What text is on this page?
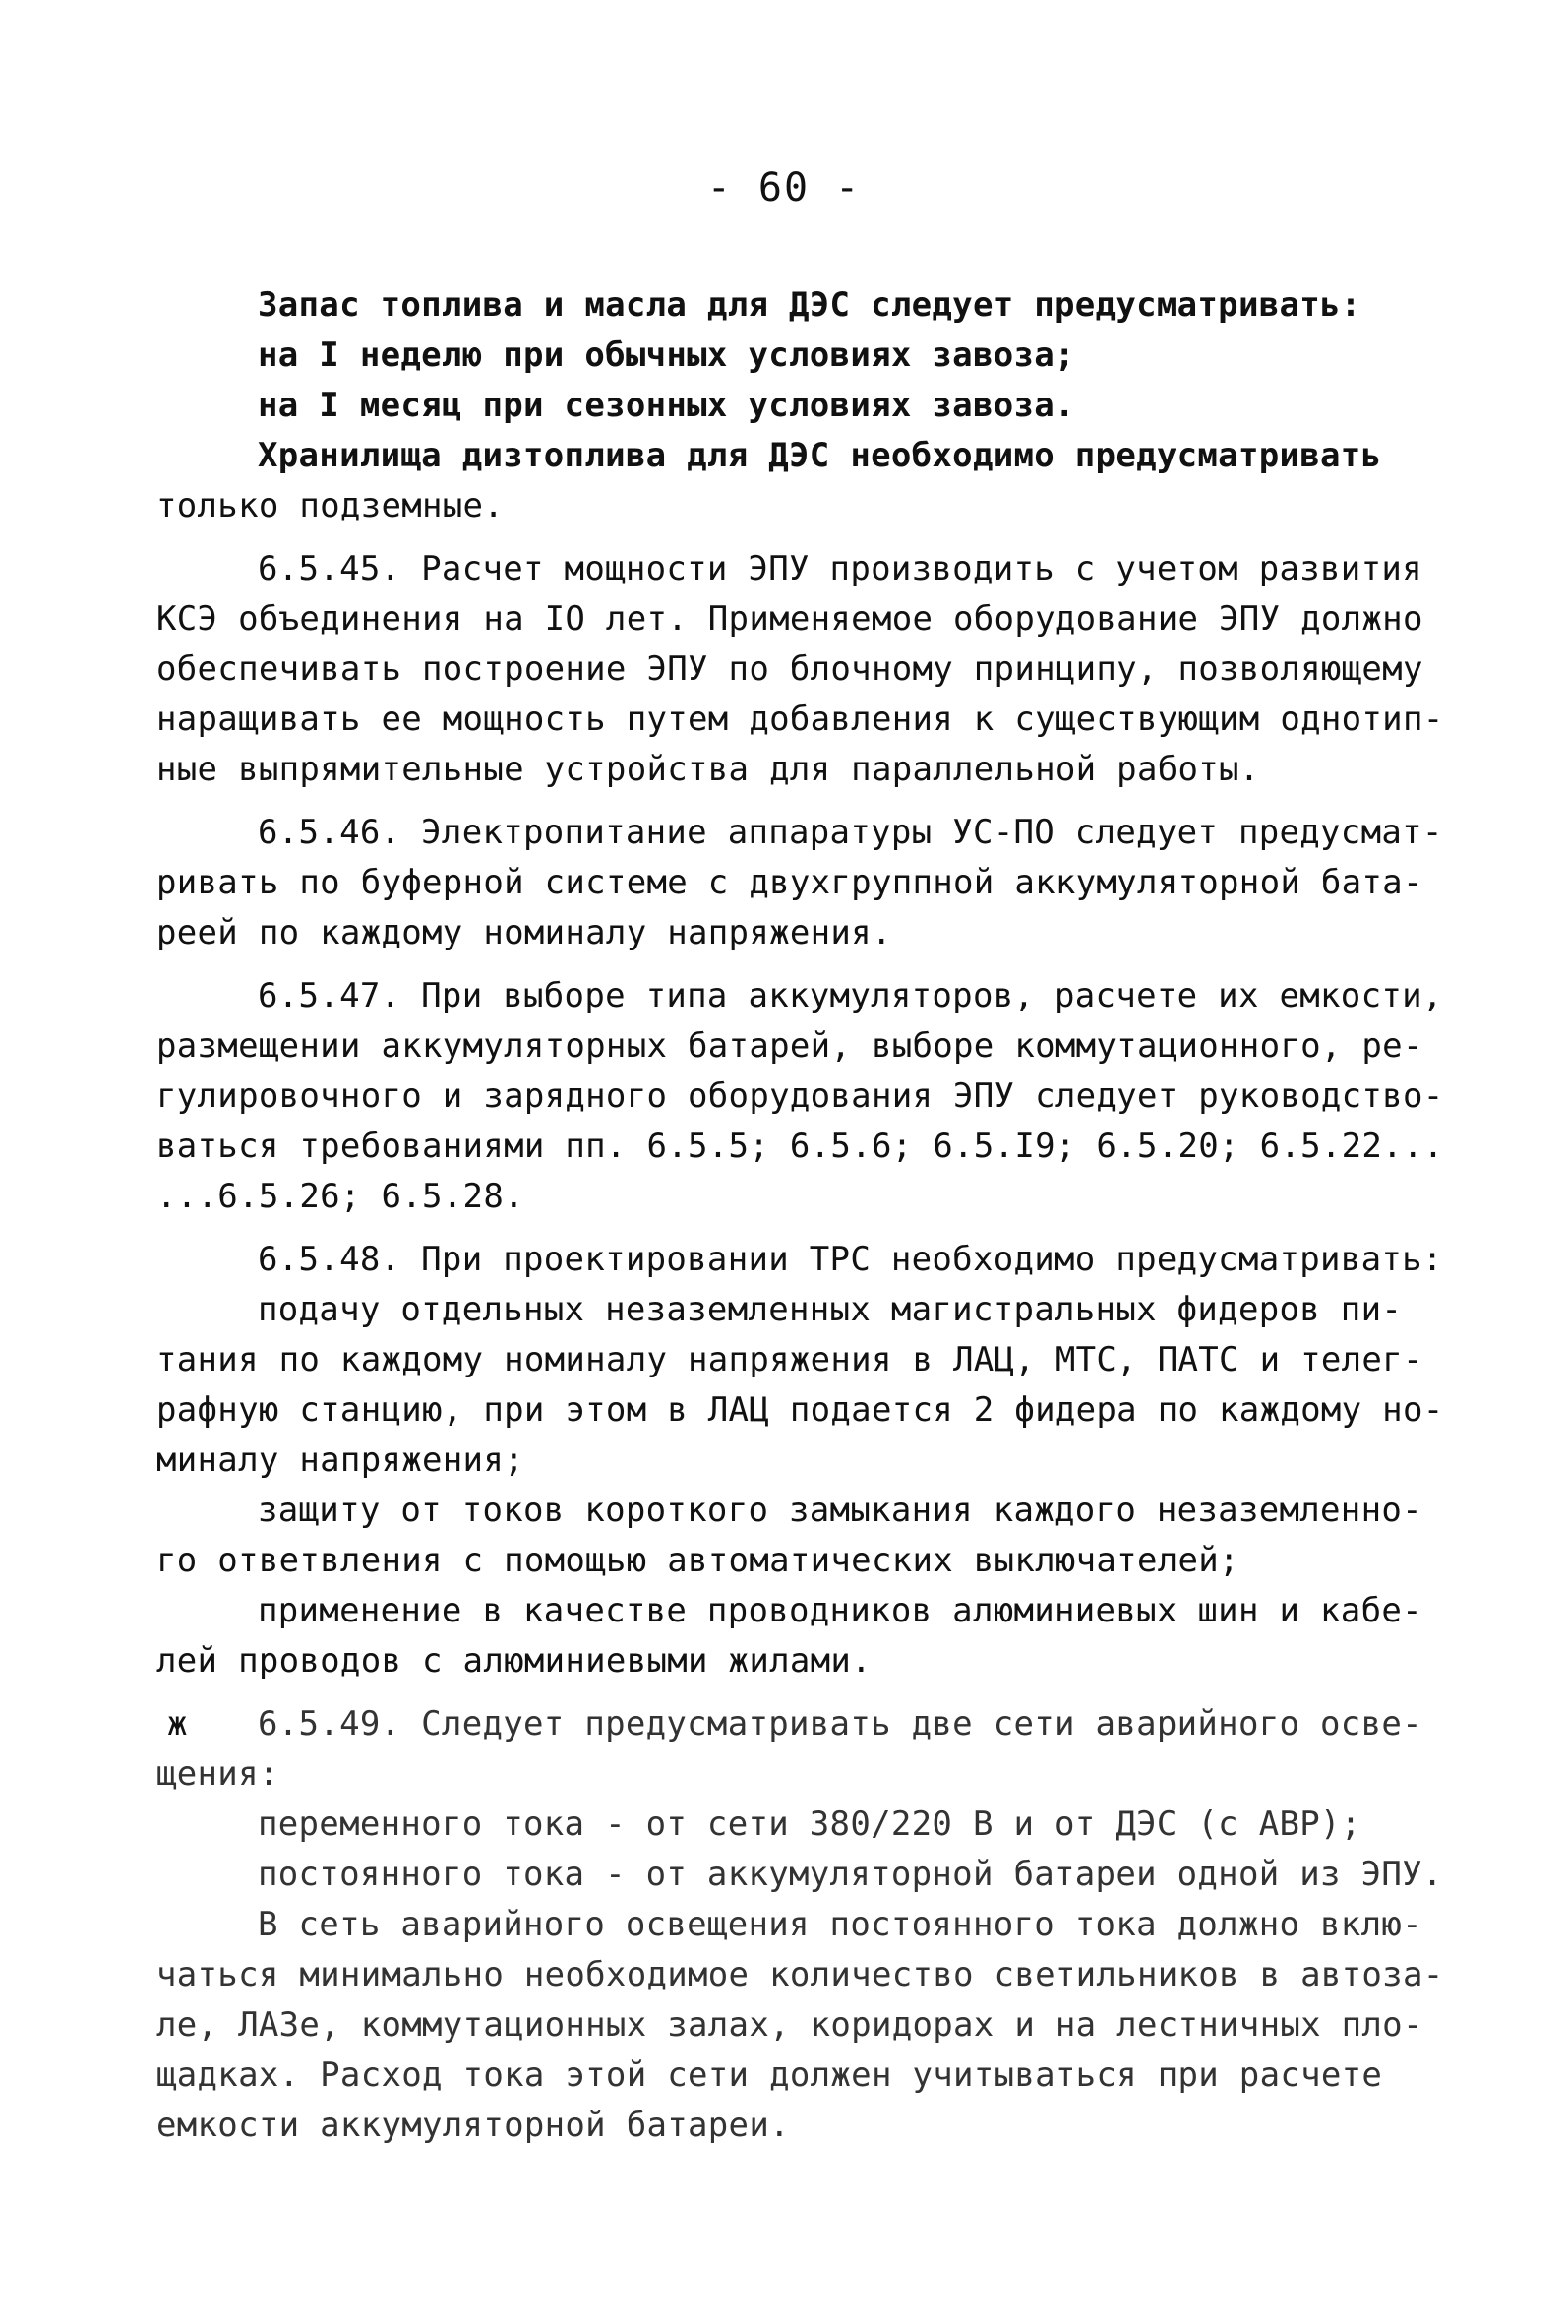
- 60 -
Запас топлива и масла для ДЭС следует предусматривать:
на I неделю при обычных условиях завоза;
на I месяц при сезонных условиях завоза.
Хранилища дизтоплива для ДЭС необходимо предусматривать
только подземные.
6.5.45. Расчет мощности ЭПУ производить с учетом развития
КСЭ объединения на IO лет. Применяемое оборудование ЭПУ должно
обеспечивать построение ЭПУ по блочному принципу, позволяющему
наращивать ее мощность путем добавления к существующим однотип-
ные выпрямительные устройства для параллельной работы.
6.5.46. Электропитание аппаратуры УС-ПО следует предусмат-
ривать по буферной системе с двухгруппной аккумуляторной бата-
реей по каждому номиналу напряжения.
6.5.47. При выборе типа аккумуляторов, расчете их емкости,
размещении аккумуляторных батарей, выборе коммутационного, ре-
гулировочного и зарядного оборудования ЭПУ следует руководство-
ваться требованиями пп. 6.5.5; 6.5.6; 6.5.I9; 6.5.20; 6.5.22...
...6.5.26; 6.5.28.
6.5.48. При проектировании ТРС необходимо предусматривать:
подачу отдельных незаземленных магистральных фидеров пи-
тания по каждому номиналу напряжения в ЛАЦ, МТС, ПАТС и телег-
рафную станцию, при этом в ЛАЦ подается 2 фидера по каждому но-
миналу напряжения;
защиту от токов короткого замыкания каждого незаземленно-
го ответвления с помощью автоматических выключателей;
применение в качестве проводников алюминиевых шин и кабе-
лей проводов с алюминиевыми жилами.
ж 6.5.49. Следует предусматривать две сети аварийного осве-
щения:
переменного тока - от сети 380/220 В и от ДЭС (с АВР);
постоянного тока - от аккумуляторной батареи одной из ЭПУ.
В сеть аварийного освещения постоянного тока должно вклю-
чаться минимально необходимое количество светильников в автоза-
ле, ЛАЗе, коммутационных залах, коридорах и на лестничных пло-
щадках. Расход тока этой сети должен учитываться при расчете
емкости аккумуляторной батареи.
